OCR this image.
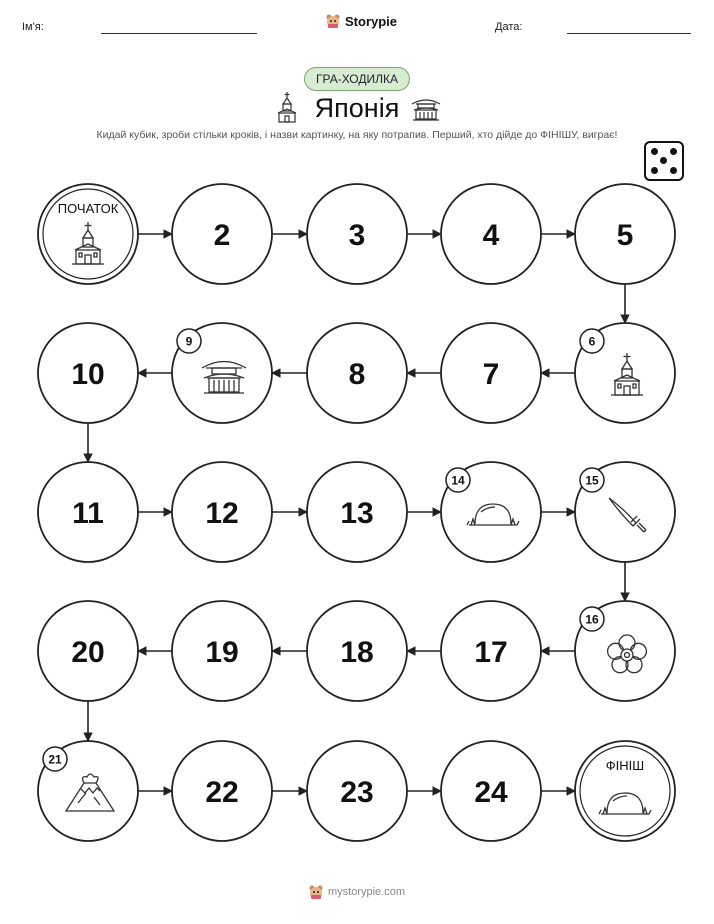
Ім'я:	Storypie	Дата:
ГРА-ХОДИЛКА
Японія
Кидай кубик, зроби стільки кроків, і назви картинку, на яку потрапив. Перший, хто дійде до ФІНІШУ, виграє!
ПОЧАТОК
2	3	4	5
6
7
8
9
10
11	12	13
14	15
16
17
18
19
20
21
22	23	24
ФІНІШ
mystorypie.com
